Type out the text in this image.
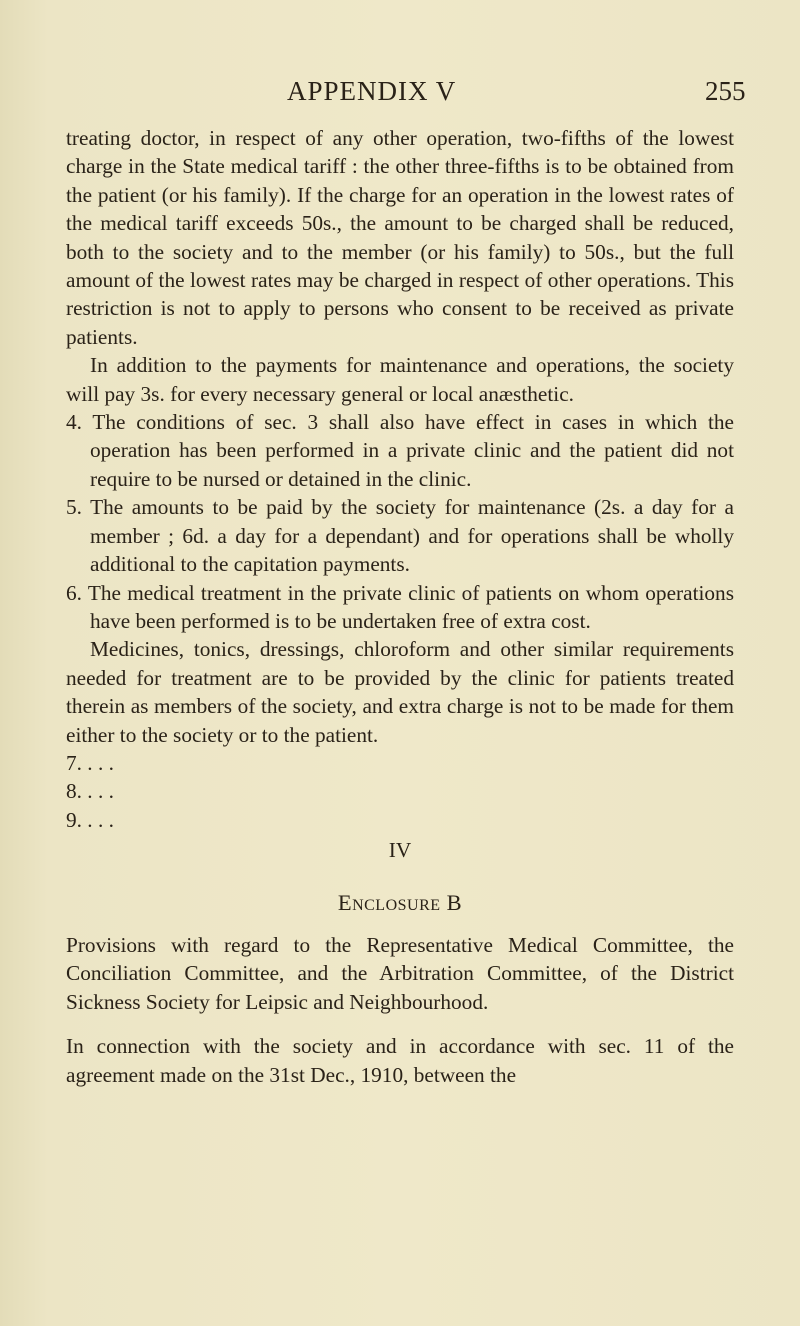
APPENDIX V	255

treating doctor, in respect of any other operation, two-fifths of the lowest charge in the State medical tariff : the other three-fifths is to be obtained from the patient (or his family). If the charge for an operation in the lowest rates of the medical tariff exceeds 50s., the amount to be charged shall be reduced, both to the society and to the member (or his family) to 50s., but the full amount of the lowest rates may be charged in respect of other operations. This restriction is not to apply to persons who consent to be received as private patients.

In addition to the payments for maintenance and operations, the society will pay 3s. for every necessary general or local anæsthetic.

4. The conditions of sec. 3 shall also have effect in cases in which the operation has been performed in a private clinic and the patient did not require to be nursed or detained in the clinic.

5. The amounts to be paid by the society for maintenance (2s. a day for a member ; 6d. a day for a dependant) and for operations shall be wholly additional to the capitation payments.

6. The medical treatment in the private clinic of patients on whom operations have been performed is to be undertaken free of extra cost.

Medicines, tonics, dressings, chloroform and other similar requirements needed for treatment are to be provided by the clinic for patients treated therein as members of the society, and extra charge is not to be made for them either to the society or to the patient.

7. . . .

8. . . .

9. . . .

IV

Enclosure B

Provisions with regard to the Representative Medical Committee, the Conciliation Committee, and the Arbitration Committee, of the District Sickness Society for Leipsic and Neighbourhood.

In connection with the society and in accordance with sec. 11 of the agreement made on the 31st Dec., 1910, between the
